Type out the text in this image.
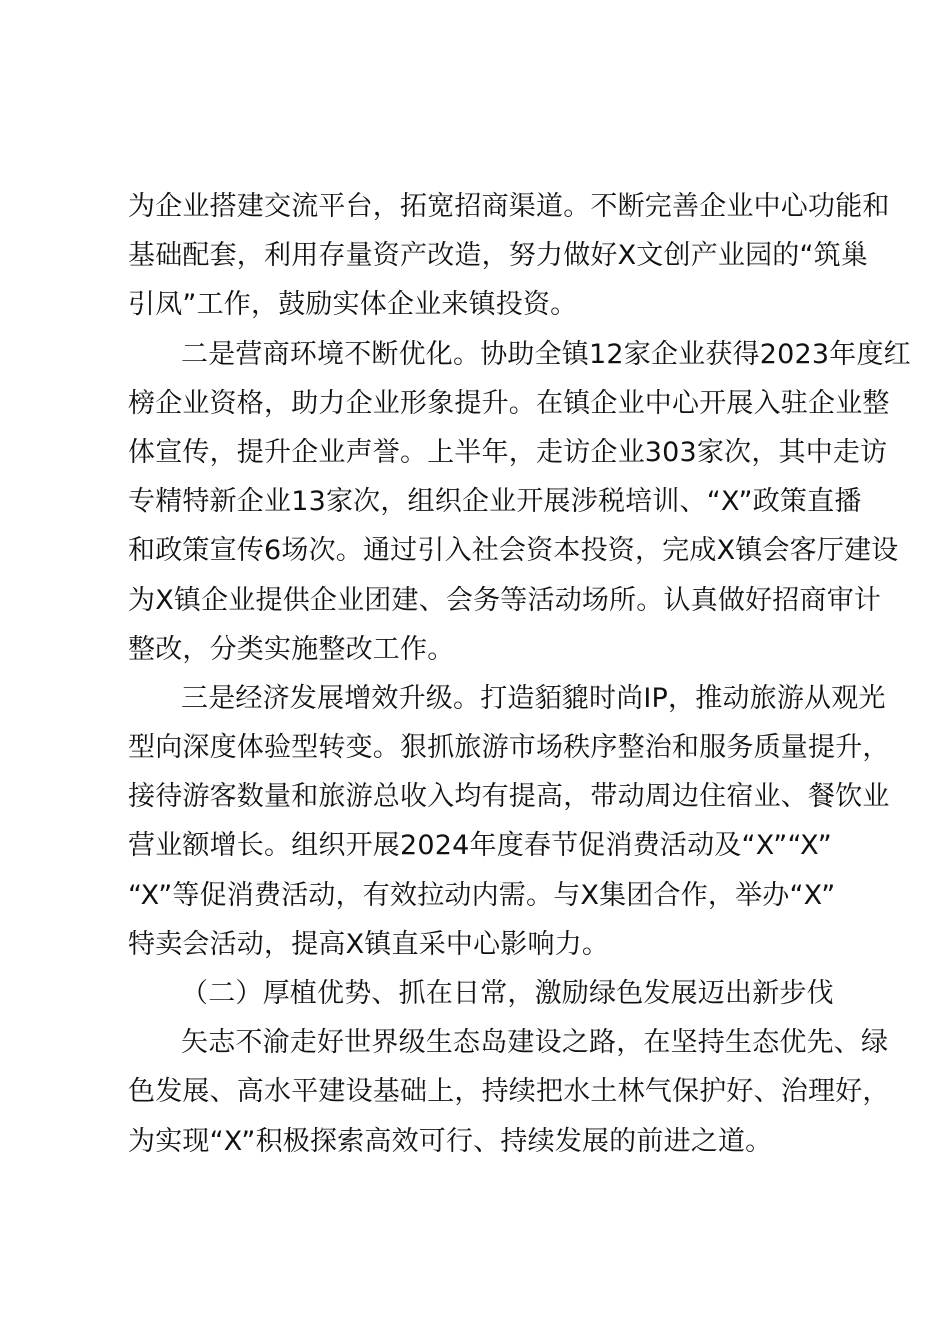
为企业搭建交流平台，拓宽招商渠道。不断完善企业中心功能和
基础配套，利用存量资产改造，努力做好X文创产业园的“筑巢
引凤”工作，鼓励实体企业来镇投资。
二是营商环境不断优化。协助全镇12家企业获得2023年度红
榜企业资格，助力企业形象提升。在镇企业中心开展入驻企业整
体宣传，提升企业声誉。上半年，走访企业303家次，其中走访
专精特新企业13家次，组织企业开展涉税培训、“X”政策直播
和政策宣传6场次。通过引入社会资本投资，完成X镇会客厅建设
为X镇企业提供企业团建、会务等活动场所。认真做好招商审计
整改，分类实施整改工作。
三是经济发展增效升级。打造貊貔时尚IP，推动旅游从观光
型向深度体验型转变。狠抓旅游市场秩序整治和服务质量提升，
接待游客数量和旅游总收入均有提高，带动周边住宿业、餐饮业
营业额增长。组织开展2024年度春节促消费活动及“X”“X”
“X”等促消费活动，有效拉动内需。与X集团合作，举办“X”
特卖会活动，提高X镇直采中心影响力。
（二）厚植优势、抓在日常，激励绿色发展迈出新步伐
矢志不渝走好世界级生态岛建设之路，在坚持生态优先、绿
色发展、高水平建设基础上，持续把水土林气保护好、治理好，
为实现“X”积极探索高效可行、持续发展的前进之道。
